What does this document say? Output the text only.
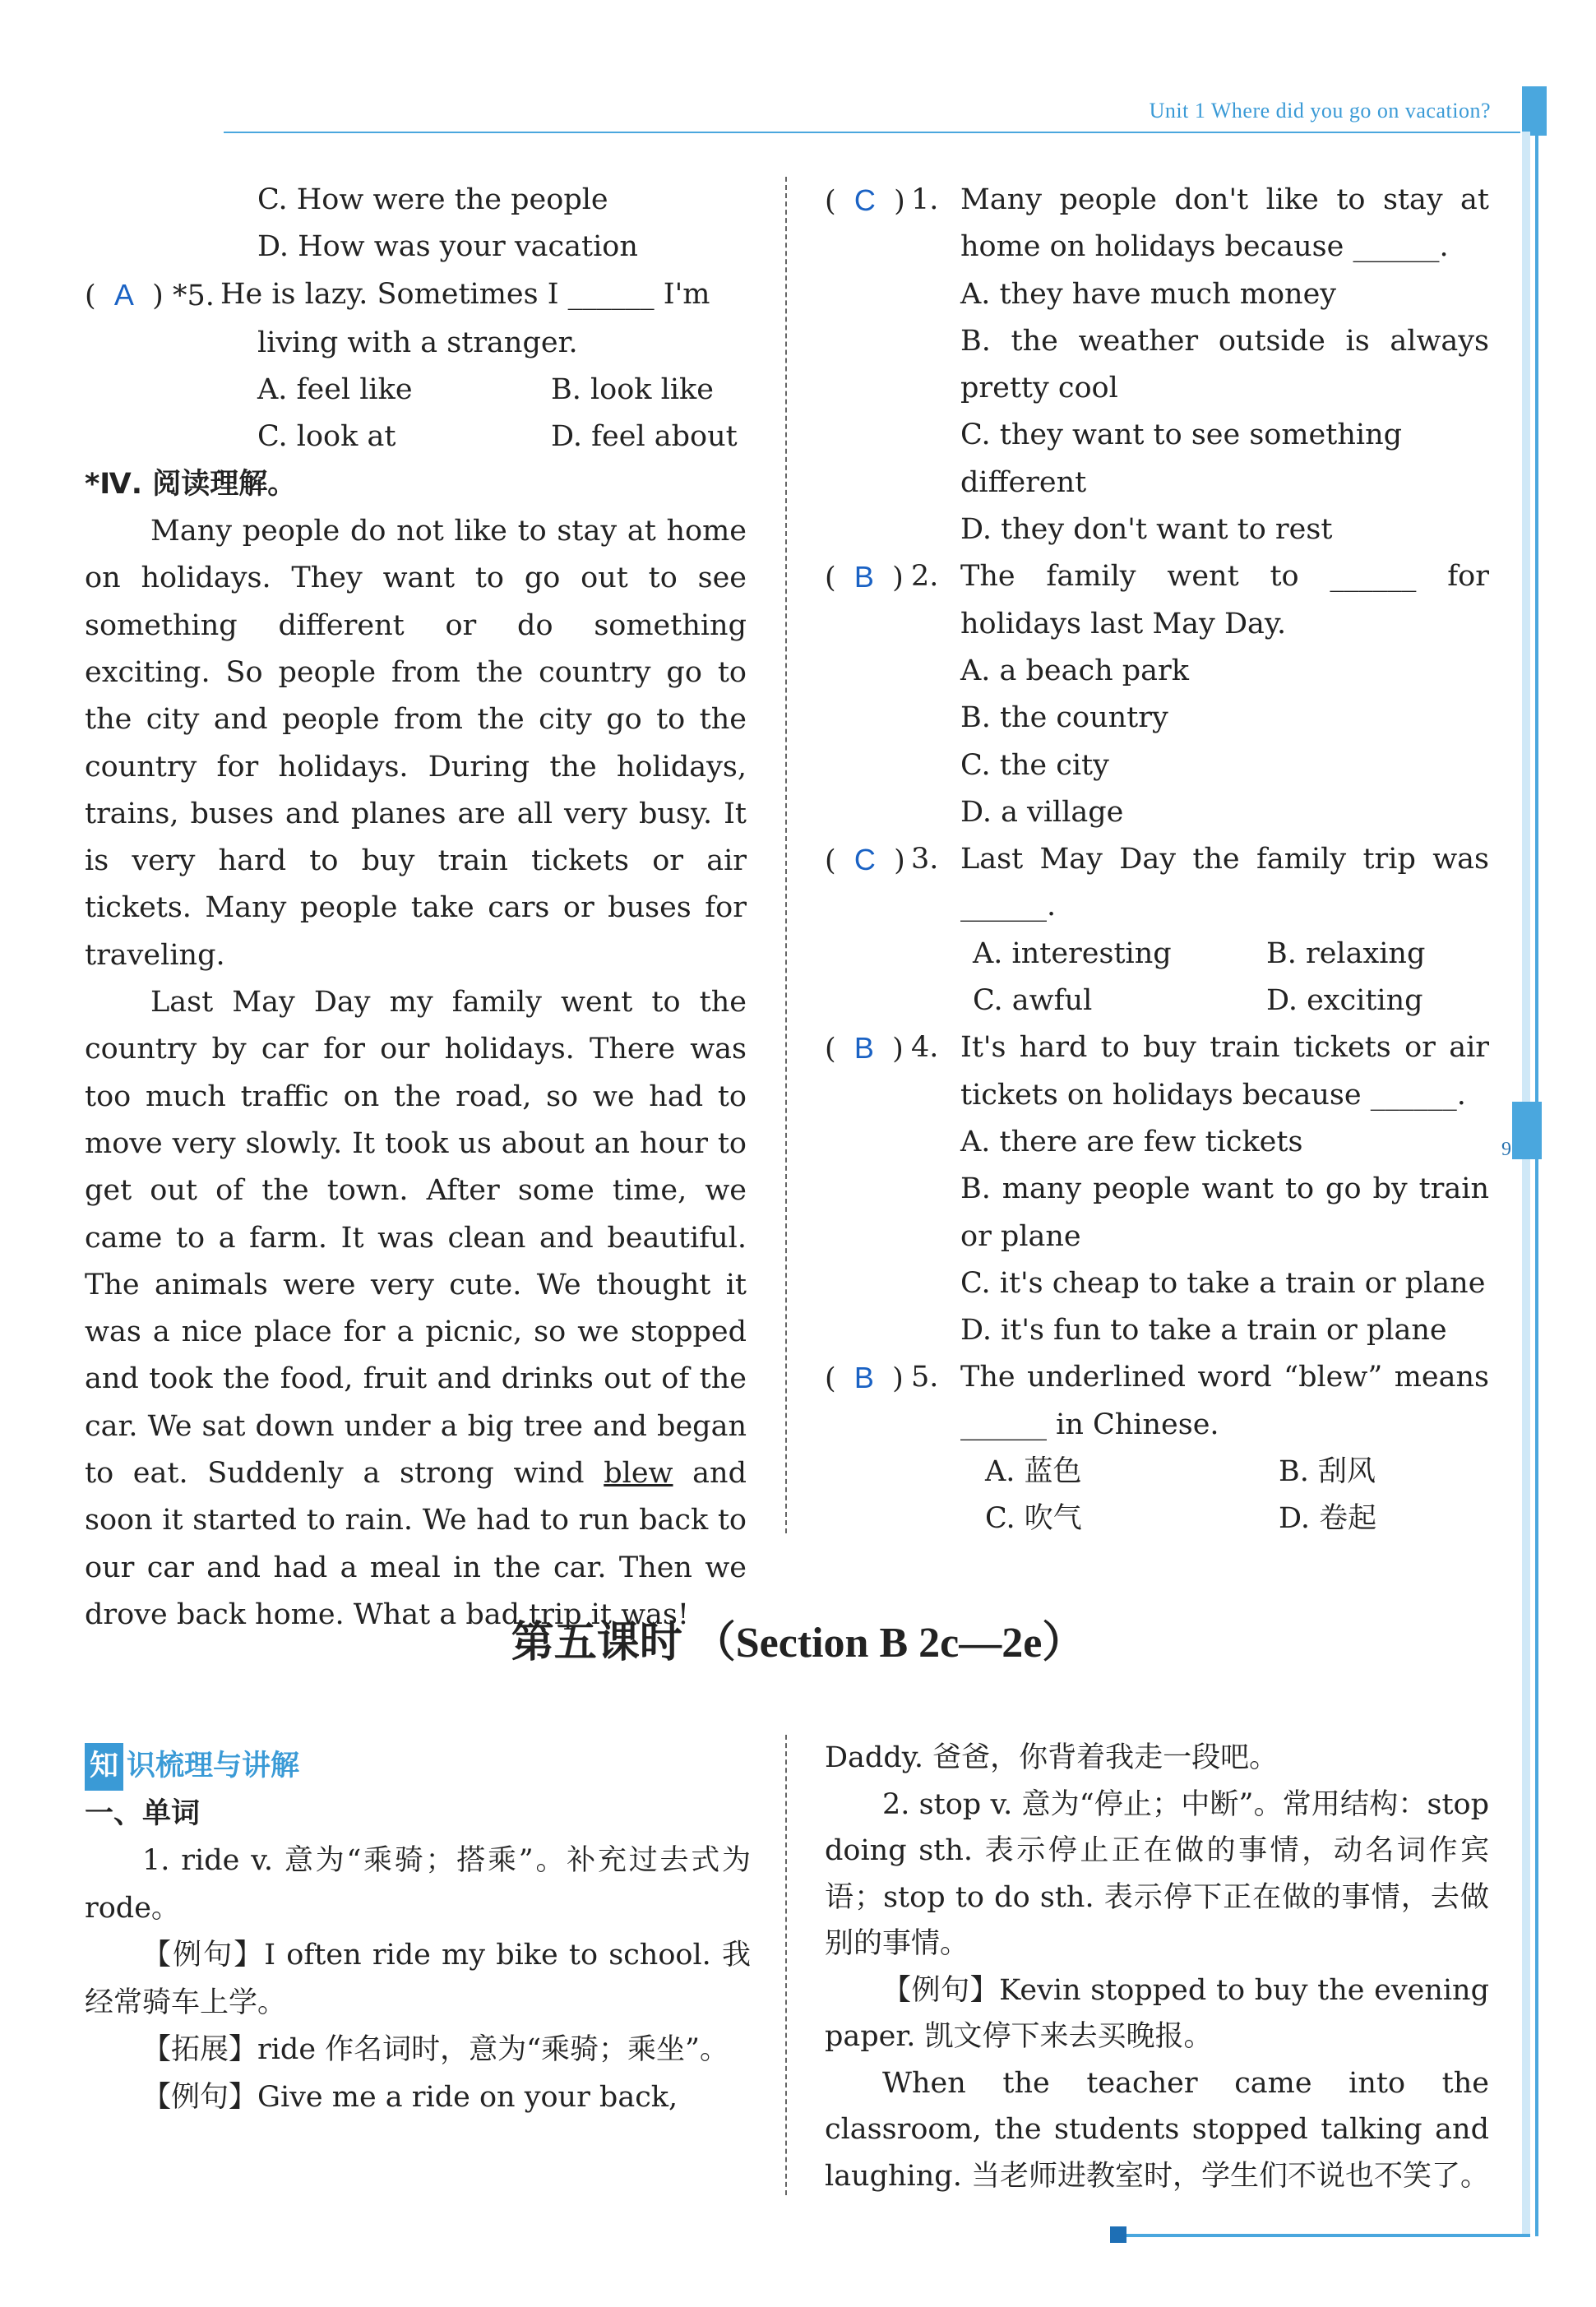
Unit 1 Where did you go on vacation?
9
C. How were the people
D. How was your vacation
(  A  ) *5. He is lazy. Sometimes I ______ I'm
living with a stranger.
A. feel like	B. look like
C. look at	D. feel about
*Ⅳ. 阅读理解。
Many people do not like to stay at home on holidays. They want to go out to see something different or do something exciting. So people from the country go to the city and people from the city go to the country for holidays. During the holidays, trains, buses and planes are all very busy. It is very hard to buy train tickets or air tickets. Many people take cars or buses for traveling.
Last May Day my family went to the country by car for our holidays. There was too much traffic on the road, so we had to move very slowly. It took us about an hour to get out of the town. After some time, we came to a farm. It was clean and beautiful. The animals were very cute. We thought it was a nice place for a picnic, so we stopped and took the food, fruit and drinks out of the car. We sat down under a big tree and began to eat. Suddenly a strong wind blew and soon it started to rain. We had to run back to our car and had a meal in the car. Then we drove back home. What a bad trip it was!
(  C  ) 1. Many people don't like to stay at home on holidays because ______.
A. they have much money
B. the weather outside is always pretty cool
C. they want to see something different
D. they don't want to rest
(  B  ) 2. The family went to ______ for holidays last May Day.
A. a beach park
B. the country
C. the city
D. a village
(  C  ) 3. Last May Day the family trip was ______.
A. interesting	B. relaxing
C. awful	D. exciting
(  B  ) 4. It's hard to buy train tickets or air tickets on holidays because ______.
A. there are few tickets
B. many people want to go by train or plane
C. it's cheap to take a train or plane
D. it's fun to take a train or plane
(  B  ) 5. The underlined word “blew” means ______ in Chinese.
A. 蓝色	B. 刮风
C. 吹气	D. 卷起
第五课时 （Section B 2c—2e）
知 识梳理与讲解
一、单词
1. ride v. 意为“乘骑；搭乘”。补充过去式为 rode。
【例句】I often ride my bike to school. 我经常骑车上学。
【拓展】ride 作名词时，意为“乘骑；乘坐”。
【例句】Give me a ride on your back,
Daddy. 爸爸，你背着我走一段吧。
2. stop v. 意为“停止；中断”。常用结构：stop doing sth. 表示停止正在做的事情，动名词作宾语；stop to do sth. 表示停下正在做的事情，去做别的事情。
【例句】Kevin stopped to buy the evening paper. 凯文停下来去买晚报。
When the teacher came into the classroom, the students stopped talking and laughing. 当老师进教室时，学生们不说也不笑了。
